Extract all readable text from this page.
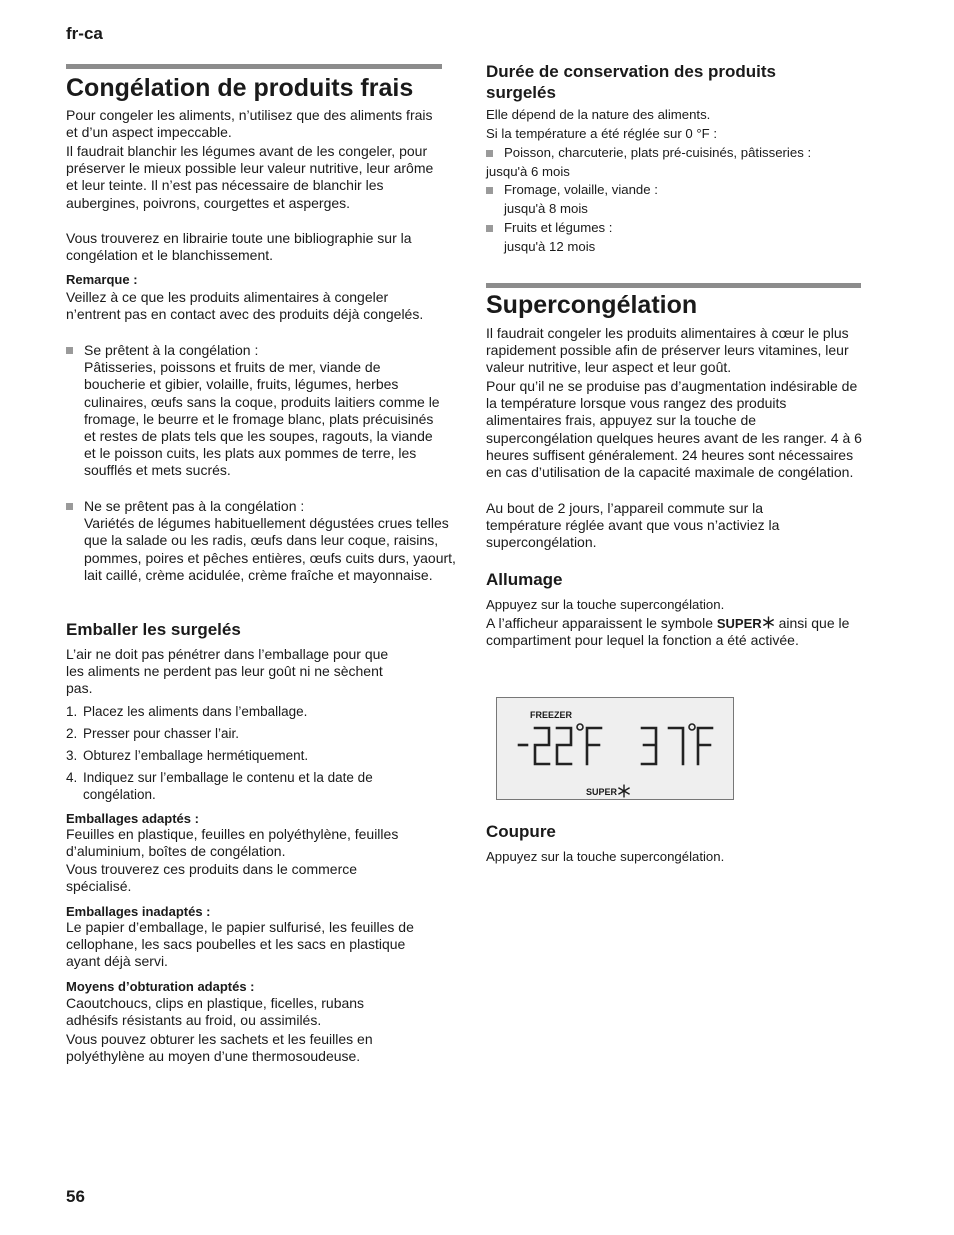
fr-ca
Congélation de produits frais

Pour congeler les aliments, n’utilisez que des aliments frais et d’un aspect impeccable.

Il faudrait blanchir les légumes avant de les congeler, pour préserver le mieux possible leur valeur nutritive, leur arôme et leur teinte. Il n’est pas nécessaire de blanchir les aubergines, poivrons, courgettes et asperges.

Vous trouverez en librairie toute une bibliographie sur la congélation et le blanchissement.

Remarque :

Veillez à ce que les produits alimentaires à congeler n’entrent pas en contact avec des produits déjà congelés.

Se prêtent à la congélation :
Pâtisseries, poissons et fruits de mer, viande de boucherie et gibier, volaille, fruits, légumes, herbes culinaires, œufs sans la coque, produits laitiers comme le fromage, le beurre et le fromage blanc, plats précuisinés et restes de plats tels que les soupes, ragouts, la viande et le poisson cuits, les plats aux pommes de terre, les soufflés et mets sucrés.
Ne se prêtent pas à la congélation :
Variétés de légumes habituellement dégustées crues telles que la salade ou les radis, œufs dans leur coque, raisins, pommes, poires et pêches entières, œufs cuits durs, yaourt, lait caillé, crème acidulée, crème fraîche et mayonnaise.
Emballer les surgelés

L’air ne doit pas pénétrer dans l’emballage pour que les aliments ne perdent pas leur goût ni ne sèchent pas.

1. Placez les aliments dans l’emballage.
2. Presser pour chasser l’air.
3. Obturez l’emballage hermétiquement.
4. Indiquez sur l’emballage le contenu et la date de congélation.

Emballages adaptés :

Feuilles en plastique, feuilles en polyéthylène, feuilles d’aluminium, boîtes de congélation.

Vous trouverez ces produits dans le commerce spécialisé.

Emballages inadaptés :

Le papier d’emballage, le papier sulfurisé, les feuilles de cellophane, les sacs poubelles et les sacs en plastique ayant déjà servi.

Moyens d’obturation adaptés :

Caoutchoucs, clips en plastique, ficelles, rubans adhésifs résistants au froid, ou assimilés.

Vous pouvez obturer les sachets et les feuilles en polyéthylène au moyen d’une thermosoudeuse.

Durée de conservation des produits surgelés

Elle dépend de la nature des aliments.

Si la température a été réglée sur 0 °F :

Poisson, charcuterie, plats pré-cuisinés, pâtisseries :
jusqu'à 6 mois
Fromage, volaille, viande :
jusqu'à 8 mois
Fruits et légumes :
jusqu'à 12 mois
Supercongélation

Il faudrait congeler les produits alimentaires à cœur le plus rapidement possible afin de préserver leurs vitamines, leur valeur nutritive, leur aspect et leur goût.

Pour qu’il ne se produise pas d’augmentation indésirable de la température lorsque vous rangez des produits alimentaires frais, appuyez sur la touche de supercongélation quelques heures avant de les ranger. 4 à 6 heures suffisent généralement. 24 heures sont nécessaires en cas d’utilisation de la capacité maximale de congélation.

Au bout de 2 jours, l’appareil commute sur la température réglée avant que vous n’activiez la supercongélation.

Allumage

Appuyez sur la touche supercongélation.

A l’afficheur apparaissent le symbole SUPER ainsi que le compartiment pour lequel la fonction a été activée.

FREEZER
SUPER
Coupure

Appuyez sur la touche supercongélation.

56
